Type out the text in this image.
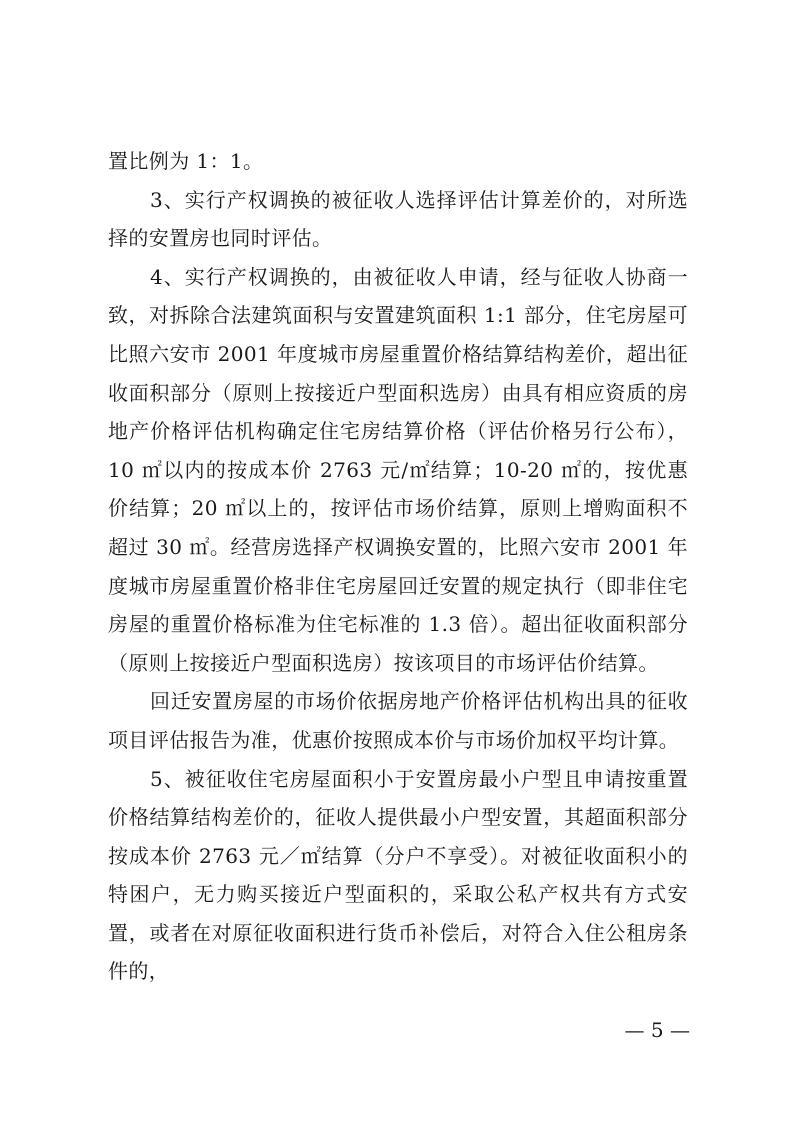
置比例为 1：1。

3、实行产权调换的被征收人选择评估计算差价的，对所选择的安置房也同时评估。

4、实行产权调换的，由被征收人申请，经与征收人协商一致，对拆除合法建筑面积与安置建筑面积 1:1 部分，住宅房屋可比照六安市 2001 年度城市房屋重置价格结算结构差价，超出征收面积部分（原则上按接近户型面积选房）由具有相应资质的房地产价格评估机构确定住宅房结算价格（评估价格另行公布），10 ㎡以内的按成本价 2763 元/㎡结算；10-20 ㎡的，按优惠价结算；20 ㎡以上的，按评估市场价结算，原则上增购面积不超过 30 ㎡。经营房选择产权调换安置的，比照六安市 2001 年度城市房屋重置价格非住宅房屋回迁安置的规定执行（即非住宅房屋的重置价格标准为住宅标准的 1.3 倍）。超出征收面积部分（原则上按接近户型面积选房）按该项目的市场评估价结算。

回迁安置房屋的市场价依据房地产价格评估机构出具的征收项目评估报告为准，优惠价按照成本价与市场价加权平均计算。

5、被征收住宅房屋面积小于安置房最小户型且申请按重置价格结算结构差价的，征收人提供最小户型安置，其超面积部分按成本价 2763 元／㎡结算（分户不享受）。对被征收面积小的特困户，无力购买接近户型面积的，采取公私产权共有方式安置，或者在对原征收面积进行货币补偿后，对符合入住公租房条件的，

— 5 —
